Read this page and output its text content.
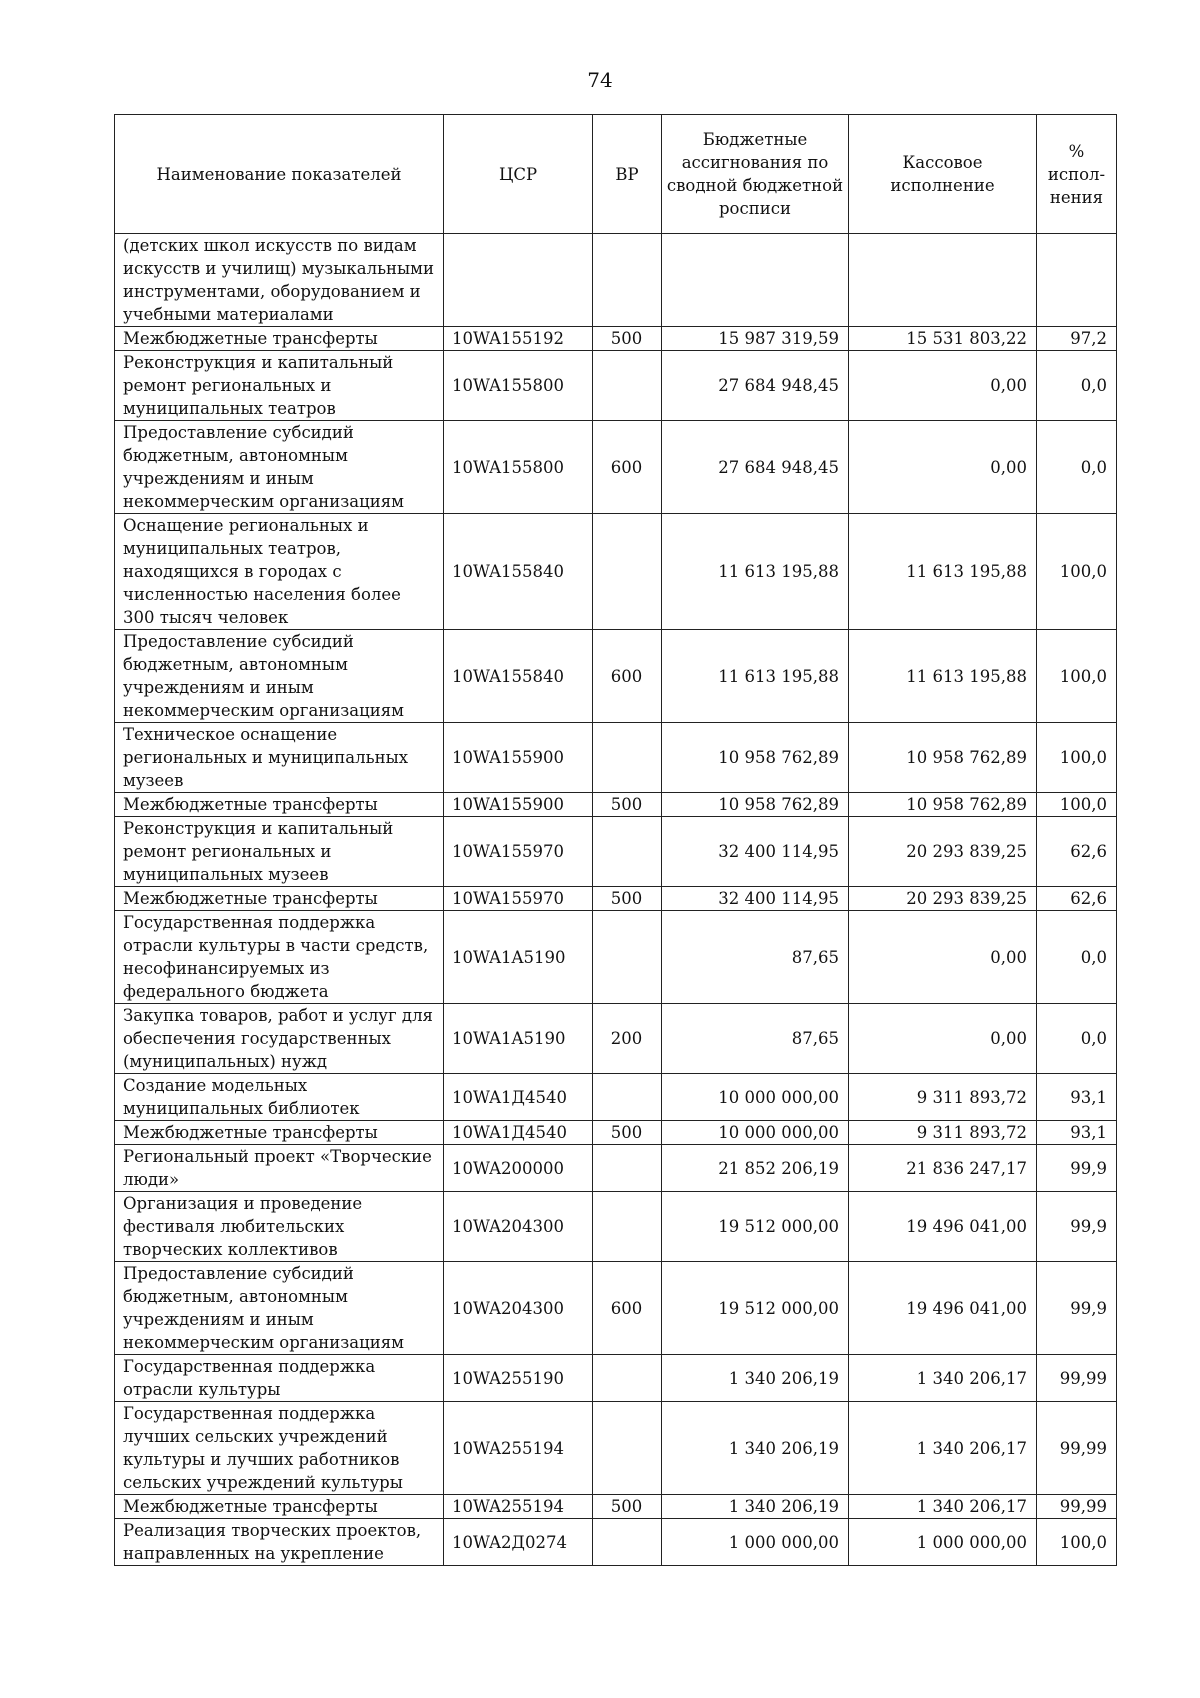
74
Наименование показателей	ЦСР	ВР	Бюджетные ассигнования по сводной бюджетной росписи	Кассовое исполнение	% испол-нения
(детских школ искусств по видам искусств и училищ) музыкальными инструментами, оборудованием и учебными материалами					
Межбюджетные трансферты	10WA155192	500	15 987 319,59	15 531 803,22	97,2
Реконструкция и капитальный ремонт региональных и муниципальных театров	10WA155800		27 684 948,45	0,00	0,0
Предоставление субсидий бюджетным, автономным учреждениям и иным некоммерческим организациям	10WA155800	600	27 684 948,45	0,00	0,0
Оснащение региональных и муниципальных театров, находящихся в городах с численностью населения более 300 тысяч человек	10WA155840		11 613 195,88	11 613 195,88	100,0
Предоставление субсидий бюджетным, автономным учреждениям и иным некоммерческим организациям	10WA155840	600	11 613 195,88	11 613 195,88	100,0
Техническое оснащение региональных и муниципальных музеев	10WA155900		10 958 762,89	10 958 762,89	100,0
Межбюджетные трансферты	10WA155900	500	10 958 762,89	10 958 762,89	100,0
Реконструкция и капитальный ремонт региональных и муниципальных музеев	10WA155970		32 400 114,95	20 293 839,25	62,6
Межбюджетные трансферты	10WA155970	500	32 400 114,95	20 293 839,25	62,6
Государственная поддержка отрасли культуры в части средств, несофинансируемых из федерального бюджета	10WA1A5190		87,65	0,00	0,0
Закупка товаров, работ и услуг для обеспечения государственных (муниципальных) нужд	10WA1A5190	200	87,65	0,00	0,0
Создание модельных муниципальных библиотек	10WA1Д4540		10 000 000,00	9 311 893,72	93,1
Межбюджетные трансферты	10WA1Д4540	500	10 000 000,00	9 311 893,72	93,1
Региональный проект «Творческие люди»	10WA200000		21 852 206,19	21 836 247,17	99,9
Организация и проведение фестиваля любительских творческих коллективов	10WA204300		19 512 000,00	19 496 041,00	99,9
Предоставление субсидий бюджетным, автономным учреждениям и иным некоммерческим организациям	10WA204300	600	19 512 000,00	19 496 041,00	99,9
Государственная поддержка отрасли культуры	10WA255190		1 340 206,19	1 340 206,17	99,99
Государственная поддержка лучших сельских учреждений культуры и лучших работников сельских учреждений культуры	10WA255194		1 340 206,19	1 340 206,17	99,99
Межбюджетные трансферты	10WA255194	500	1 340 206,19	1 340 206,17	99,99
Реализация творческих проектов, направленных на укрепление	10WA2Д0274		1 000 000,00	1 000 000,00	100,0
